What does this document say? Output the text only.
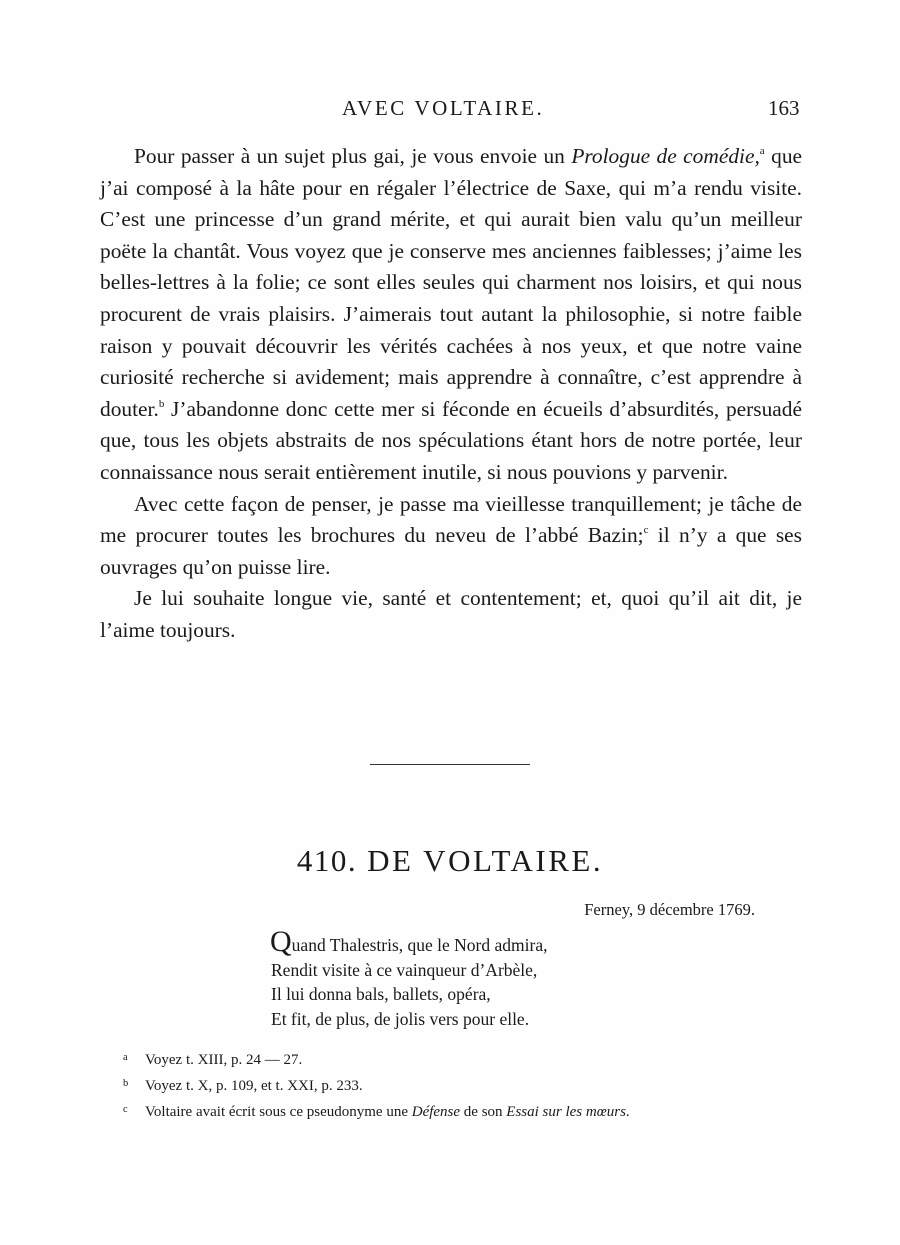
AVEC VOLTAIRE.	163

Pour passer à un sujet plus gai, je vous envoie un Prologue de comédie,$^a$ que j’ai composé à la hâte pour en régaler l’électrice de Saxe, qui m’a rendu visite. C’est une princesse d’un grand mérite, et qui aurait bien valu qu’un meilleur poëte la chantât. Vous voyez que je conserve mes anciennes faiblesses; j’aime les belles-lettres à la folie; ce sont elles seules qui charment nos loisirs, et qui nous procurent de vrais plaisirs. J’aimerais tout autant la philosophie, si notre faible raison y pouvait découvrir les vérités cachées à nos yeux, et que notre vaine curiosité recherche si avidement; mais apprendre à connaître, c’est apprendre à douter.$^b$ J’abandonne donc cette mer si féconde en écueils d’absurdités, persuadé que, tous les objets abstraits de nos spéculations étant hors de notre portée, leur connaissance nous serait entièrement inutile, si nous pouvions y parvenir.

Avec cette façon de penser, je passe ma vieillesse tranquillement; je tâche de me procurer toutes les brochures du neveu de l’abbé Bazin;$^c$ il n’y a que ses ouvrages qu’on puisse lire.

Je lui souhaite longue vie, santé et contentement; et, quoi qu’il ait dit, je l’aime toujours.

410. DE VOLTAIRE.
Ferney, 9 décembre 1769.
Quand Thalestris, que le Nord admira,
Rendit visite à ce vainqueur d’Arbèle,
Il lui donna bals, ballets, opéra,
Et fit, de plus, de jolis vers pour elle.
a Voyez t. XIII, p. 24 — 27.
b Voyez t. X, p. 109, et t. XXI, p. 233.
c Voltaire avait écrit sous ce pseudonyme une Défense de son Essai sur les mœurs.
